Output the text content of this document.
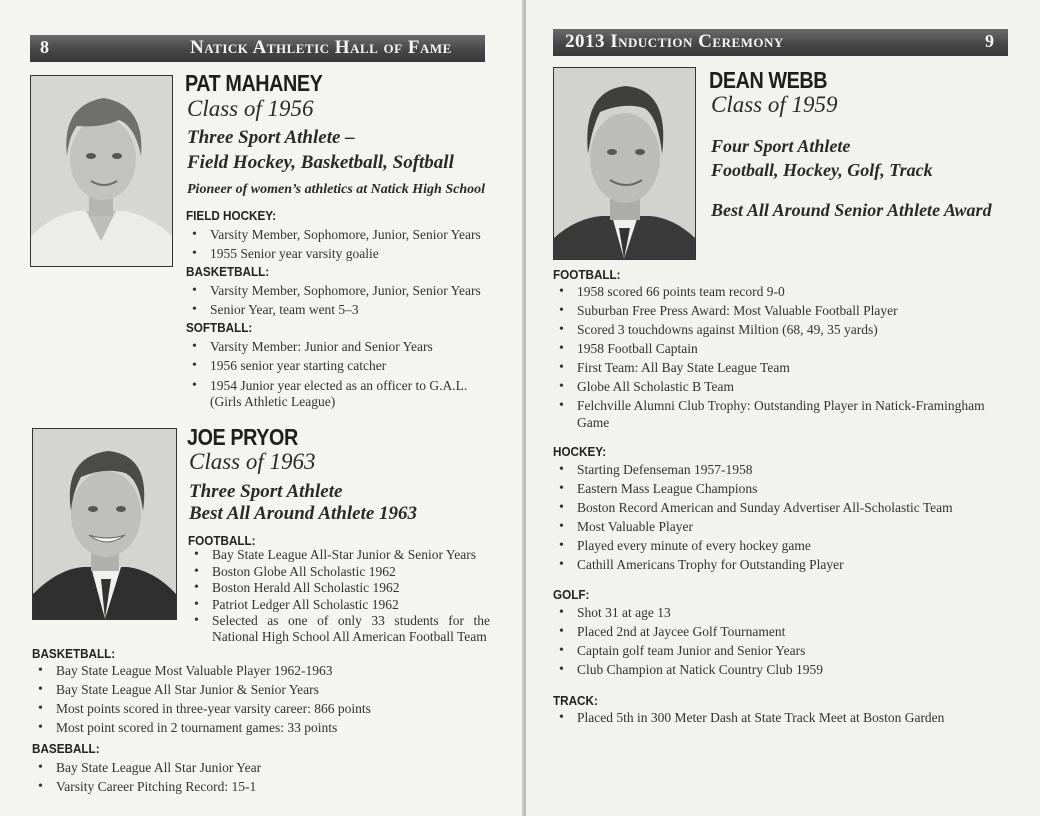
8	Natick Athletic Hall of Fame
PAT MAHANEY
Class of 1956
Three Sport Athlete –
Field Hockey, Basketball, Softball
Pioneer of women’s athletics at Natick High School
FIELD HOCKEY:
• Varsity Member, Sophomore, Junior, Senior Years
• 1955 Senior year varsity goalie
BASKETBALL:
• Varsity Member, Sophomore, Junior, Senior Years
• Senior Year, team went 5–3
SOFTBALL:
• Varsity Member: Junior and Senior Years
• 1956 senior year starting catcher
• 1954 Junior year elected as an officer to G.A.L. (Girls Athletic League)
JOE PRYOR
Class of 1963
Three Sport Athlete
Best All Around Athlete 1963
FOOTBALL:
• Bay State League All-Star Junior & Senior Years
• Boston Globe All Scholastic 1962
• Boston Herald All Scholastic 1962
• Patriot Ledger All Scholastic 1962
• Selected as one of only 33 students for the National High School All American Football Team
BASKETBALL:
• Bay State League Most Valuable Player 1962-1963
• Bay State League All Star Junior & Senior Years
• Most points scored in three-year varsity career: 866 points
• Most point scored in 2 tournament games: 33 points
BASEBALL:
• Bay State League All Star Junior Year
• Varsity Career Pitching Record: 15-1
2013 Induction Ceremony	9
DEAN WEBB
Class of 1959
Four Sport Athlete
Football, Hockey, Golf, Track
Best All Around Senior Athlete Award
FOOTBALL:
• 1958 scored 66 points team record 9-0
• Suburban Free Press Award: Most Valuable Football Player
• Scored 3 touchdowns against Miltion (68, 49, 35 yards)
• 1958 Football Captain
• First Team: All Bay State League Team
• Globe All Scholastic B Team
• Felchville Alumni Club Trophy: Outstanding Player in Natick-Framingham Game
HOCKEY:
• Starting Defenseman 1957-1958
• Eastern Mass League Champions
• Boston Record American and Sunday Advertiser All-Scholastic Team
• Most Valuable Player
• Played every minute of every hockey game
• Cathill Americans Trophy for Outstanding Player
GOLF:
• Shot 31 at age 13
• Placed 2nd at Jaycee Golf Tournament
• Captain golf team Junior and Senior Years
• Club Champion at Natick Country Club 1959
TRACK:
• Placed 5th in 300 Meter Dash at State Track Meet at Boston Garden
